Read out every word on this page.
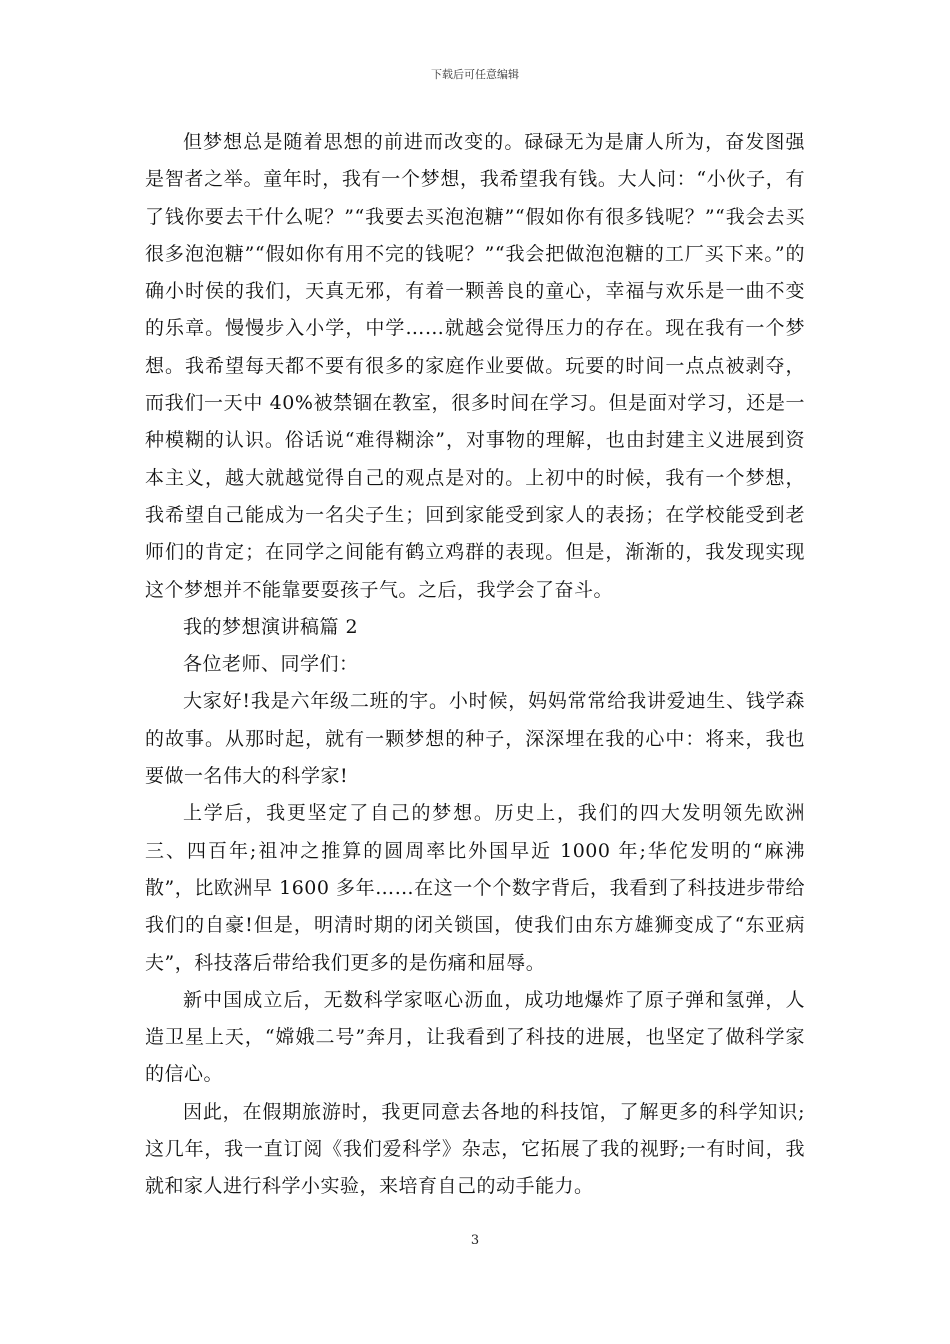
下载后可任意编辑

但梦想总是随着思想的前进而改变的。碌碌无为是庸人所为，奋发图强是智者之举。童年时，我有一个梦想，我希望我有钱。大人问：“小伙子，有了钱你要去干什么呢？”“我要去买泡泡糖”“假如你有很多钱呢？”“我会去买很多泡泡糖”“假如你有用不完的钱呢？”“我会把做泡泡糖的工厂买下来。”的确小时侯的我们，天真无邪，有着一颗善良的童心，幸福与欢乐是一曲不变的乐章。慢慢步入小学，中学……就越会觉得压力的存在。现在我有一个梦想。我希望每天都不要有很多的家庭作业要做。玩要的时间一点点被剥夺，而我们一天中 40%被禁锢在教室，很多时间在学习。但是面对学习，还是一种模糊的认识。俗话说“难得糊涂”，对事物的理解，也由封建主义进展到资本主义，越大就越觉得自己的观点是对的。上初中的时候，我有一个梦想，我希望自己能成为一名尖子生；回到家能受到家人的表扬；在学校能受到老师们的肯定；在同学之间能有鹤立鸡群的表现。但是，渐渐的，我发现实现这个梦想并不能靠要耍孩子气。之后，我学会了奋斗。

我的梦想演讲稿篇 2

各位老师、同学们：

大家好!我是六年级二班的宇。小时候，妈妈常常给我讲爱迪生、钱学森的故事。从那时起，就有一颗梦想的种子，深深埋在我的心中：将来，我也要做一名伟大的科学家!

上学后，我更坚定了自己的梦想。历史上，我们的四大发明领先欧洲三、四百年;祖冲之推算的圆周率比外国早近 1000 年;华佗发明的“麻沸散”，比欧洲早 1600 多年……在这一个个数字背后，我看到了科技进步带给我们的自豪!但是，明清时期的闭关锁国，使我们由东方雄狮变成了“东亚病夫”，科技落后带给我们更多的是伤痛和屈辱。

新中国成立后，无数科学家呕心沥血，成功地爆炸了原子弹和氢弹，人造卫星上天，“嫦娥二号”奔月，让我看到了科技的进展，也坚定了做科学家的信心。

因此，在假期旅游时，我更同意去各地的科技馆，了解更多的科学知识;这几年，我一直订阅《我们爱科学》杂志，它拓展了我的视野;一有时间，我就和家人进行科学小实验，来培育自己的动手能力。

3
